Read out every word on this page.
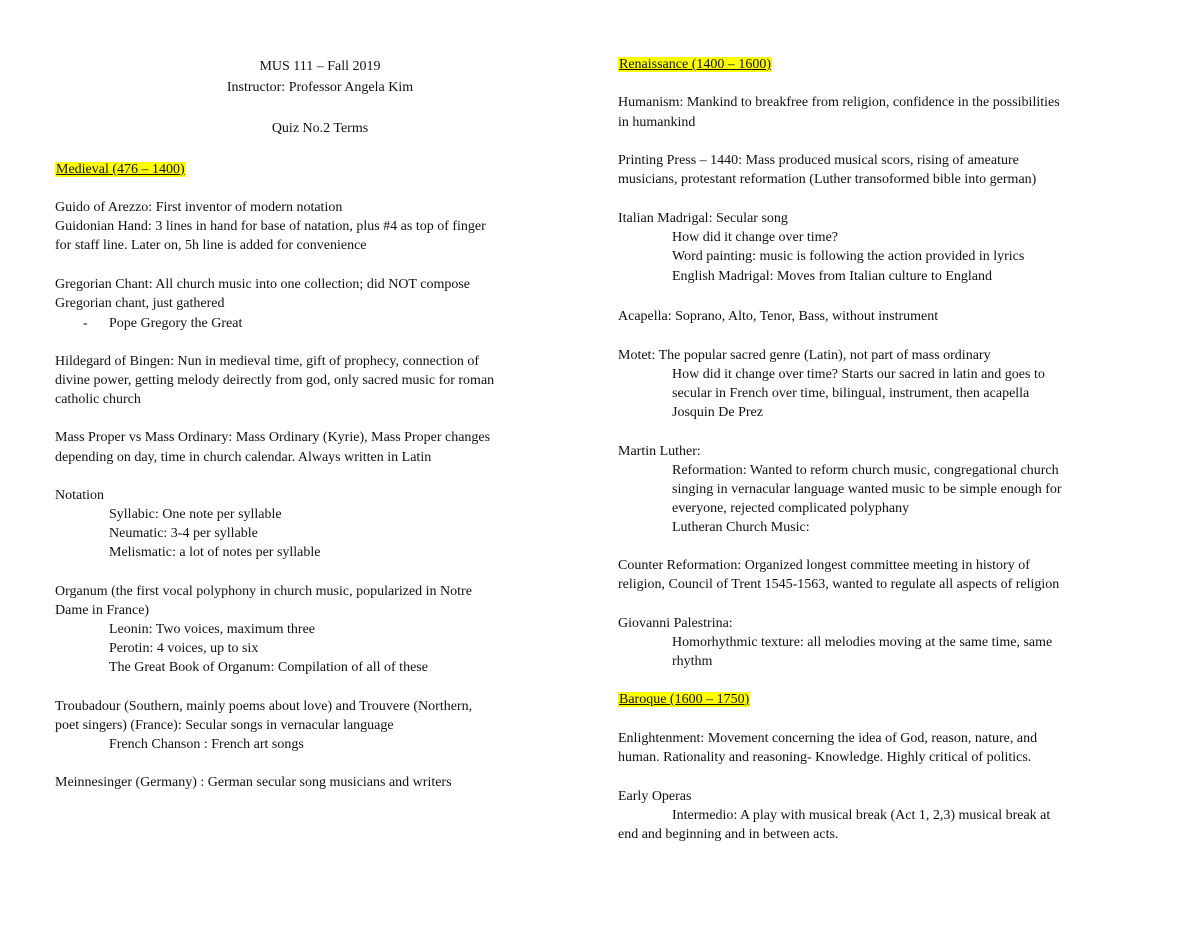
MUS 111 – Fall 2019
Instructor: Professor Angela Kim
Quiz No.2 Terms
Medieval (476 – 1400)
Guido of Arezzo: First inventor of modern notation
Guidonian Hand: 3 lines in hand for base of natation, plus #4 as top of finger
for staff line. Later on, 5h line is added for convenience
Gregorian Chant: All church music into one collection; did NOT compose
Gregorian chant, just gathered
- Pope Gregory the Great
Hildegard of Bingen: Nun in medieval time, gift of prophecy, connection of
divine power, getting melody deirectly from god, only sacred music for roman
catholic church
Mass Proper vs Mass Ordinary: Mass Ordinary (Kyrie), Mass Proper changes
depending on day, time in church calendar. Always written in Latin
Notation
Syllabic: One note per syllable
Neumatic: 3-4 per syllable
Melismatic: a lot of notes per syllable
Organum (the first vocal polyphony in church music, popularized in Notre
Dame in France)
Leonin: Two voices, maximum three
Perotin: 4 voices, up to six
The Great Book of Organum: Compilation of all of these
Troubadour (Southern, mainly poems about love) and Trouvere (Northern,
poet singers) (France): Secular songs in vernacular language
French Chanson : French art songs
Meinnesinger (Germany) : German secular song musicians and writers
Renaissance (1400 – 1600)
Humanism: Mankind to breakfree from religion, confidence in the possibilities
in humankind
Printing Press – 1440: Mass produced musical scors, rising of ameature
musicians, protestant reformation (Luther transoformed bible into german)
Italian Madrigal: Secular song
How did it change over time?
Word painting: music is following the action provided in lyrics
English Madrigal: Moves from Italian culture to England
Acapella: Soprano, Alto, Tenor, Bass, without instrument
Motet: The popular sacred genre (Latin), not part of mass ordinary
How did it change over time? Starts our sacred in latin and goes to
secular in French over time, bilingual, instrument, then acapella
Josquin De Prez
Martin Luther:
Reformation: Wanted to reform church music, congregational church
singing in vernacular language wanted music to be simple enough for
everyone, rejected complicated polyphany
Lutheran Church Music:
Counter Reformation: Organized longest committee meeting in history of
religion, Council of Trent 1545-1563, wanted to regulate all aspects of religion
Giovanni Palestrina:
Homorhythmic texture: all melodies moving at the same time, same
rhythm
Baroque (1600 – 1750)
Enlightenment: Movement concerning the idea of God, reason, nature, and
human. Rationality and reasoning- Knowledge. Highly critical of politics.
Early Operas
Intermedio: A play with musical break (Act 1, 2,3) musical break at
end and beginning and in between acts.
